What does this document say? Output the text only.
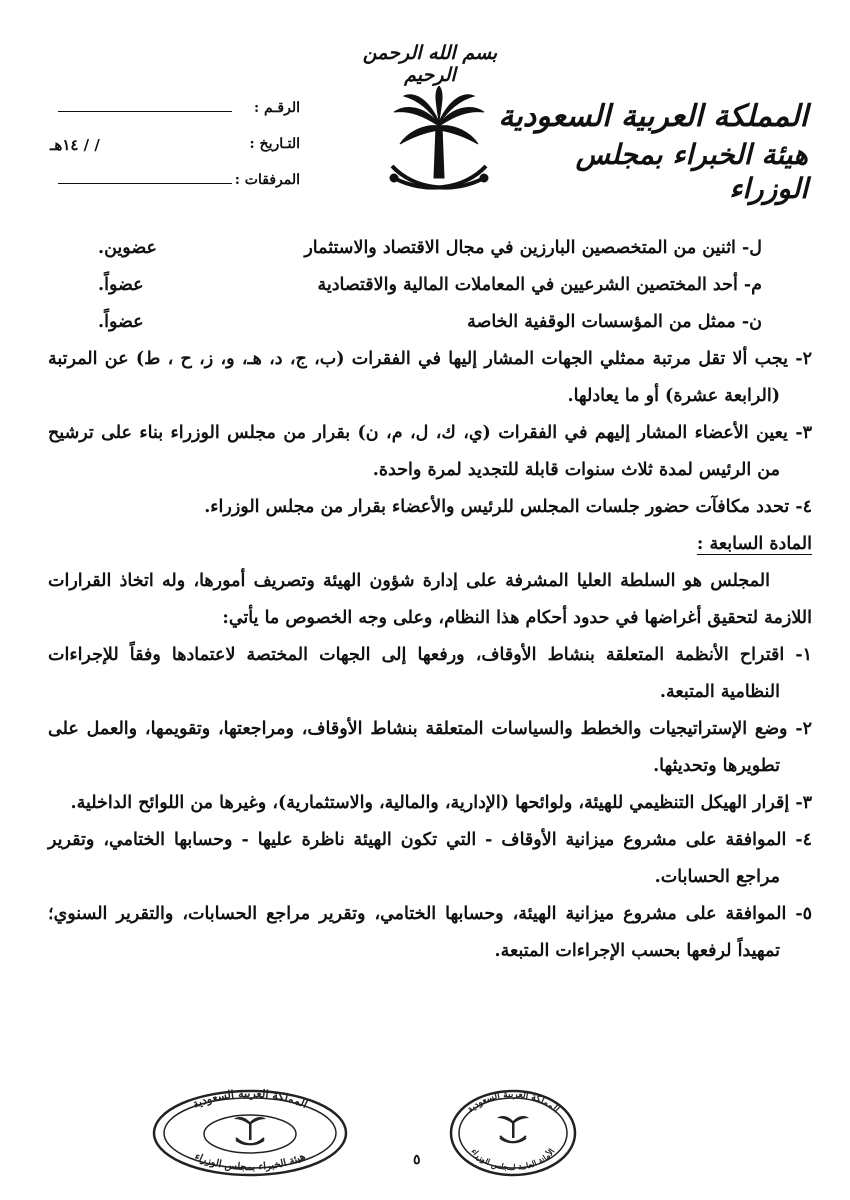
بسم الله الرحمن الرحيم
المملكة العربية السعودية
هيئة الخبراء بمجلس الوزراء
الرقـم :
التـاريخ :
/ / ١٤هـ
المرفقات :
ل- اثنين من المتخصصين البارزين في مجال الاقتصاد والاستثمار
عضوين.
م- أحد المختصين الشرعيين في المعاملات المالية والاقتصادية
عضواً.
ن- ممثل من المؤسسات الوقفية الخاصة
عضواً.
٢- يجب ألا تقل مرتبة ممثلي الجهات المشار إليها في الفقرات (ب، ج، د، هـ، و، ز، ح ، ط) عن المرتبة (الرابعة عشرة) أو ما يعادلها.
٣- يعين الأعضاء المشار إليهم في الفقرات (ي، ك، ل، م، ن) بقرار من مجلس الوزراء بناء على ترشيح من الرئيس لمدة ثلاث سنوات قابلة للتجديد لمرة واحدة.
٤- تحدد مكافآت حضور جلسات المجلس للرئيس والأعضاء بقرار من مجلس الوزراء.
المادة السابعة :
المجلس هو السلطة العليا المشرفة على إدارة شؤون الهيئة وتصريف أمورها، وله اتخاذ القرارات اللازمة لتحقيق أغراضها في حدود أحكام هذا النظام، وعلى وجه الخصوص ما يأتي:
١- اقتراح الأنظمة المتعلقة بنشاط الأوقاف، ورفعها إلى الجهات المختصة لاعتمادها وفقاً للإجراءات النظامية المتبعة.
٢- وضع الإستراتيجيات والخطط والسياسات المتعلقة بنشاط الأوقاف، ومراجعتها، وتقويمها، والعمل على تطويرها وتحديثها.
٣- إقرار الهيكل التنظيمي للهيئة، ولوائحها (الإدارية، والمالية، والاستثمارية)، وغيرها من اللوائح الداخلية.
٤- الموافقة على مشروع ميزانية الأوقاف - التي تكون الهيئة ناظرة عليها - وحسابها الختامي، وتقرير مراجع الحسابات.
٥- الموافقة على مشروع ميزانية الهيئة، وحسابها الختامي، وتقرير مراجع الحسابات، والتقرير السنوي؛ تمهيداً لرفعها بحسب الإجراءات المتبعة.
المملكة العربية السعودية
هيئة الخبراء بمجلس الوزراء
المملكة العربية السعودية
الأمانة العامة لمجلس الوزراء
٥
